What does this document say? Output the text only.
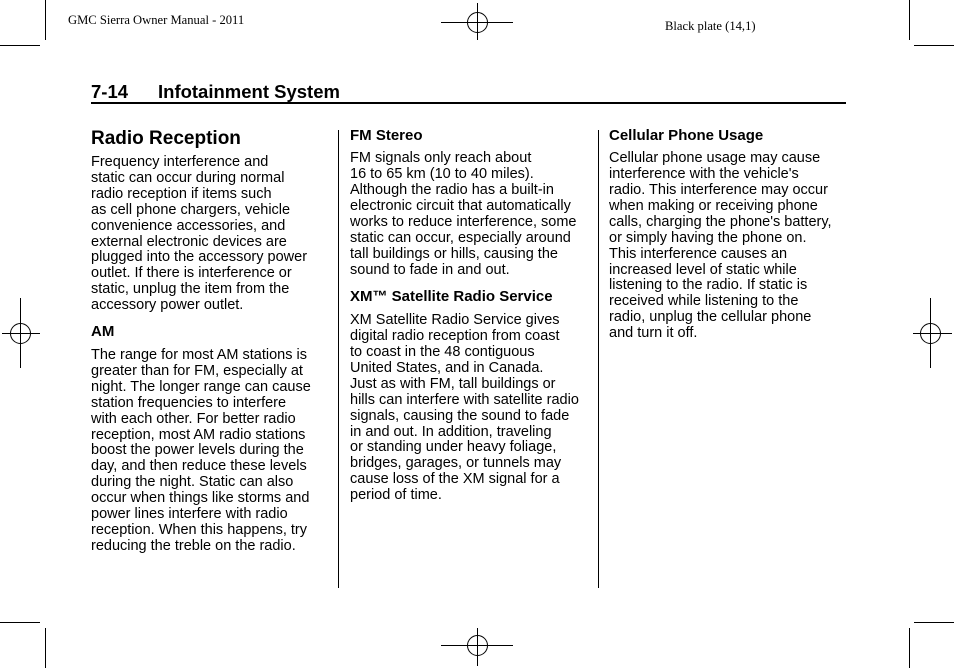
GMC Sierra Owner Manual - 2011	Black plate (14,1)
7-14 Infotainment System
Radio Reception
Frequency interference and
static can occur during normal
radio reception if items such
as cell phone chargers, vehicle
convenience accessories, and
external electronic devices are
plugged into the accessory power
outlet. If there is interference or
static, unplug the item from the
accessory power outlet.
AM
The range for most AM stations is
greater than for FM, especially at
night. The longer range can cause
station frequencies to interfere
with each other. For better radio
reception, most AM radio stations
boost the power levels during the
day, and then reduce these levels
during the night. Static can also
occur when things like storms and
power lines interfere with radio
reception. When this happens, try
reducing the treble on the radio.
FM Stereo
FM signals only reach about
16 to 65 km (10 to 40 miles).
Although the radio has a built-in
electronic circuit that automatically
works to reduce interference, some
static can occur, especially around
tall buildings or hills, causing the
sound to fade in and out.
XM™ Satellite Radio Service
XM Satellite Radio Service gives
digital radio reception from coast
to coast in the 48 contiguous
United States, and in Canada.
Just as with FM, tall buildings or
hills can interfere with satellite radio
signals, causing the sound to fade
in and out. In addition, traveling
or standing under heavy foliage,
bridges, garages, or tunnels may
cause loss of the XM signal for a
period of time.
Cellular Phone Usage
Cellular phone usage may cause
interference with the vehicle's
radio. This interference may occur
when making or receiving phone
calls, charging the phone's battery,
or simply having the phone on.
This interference causes an
increased level of static while
listening to the radio. If static is
received while listening to the
radio, unplug the cellular phone
and turn it off.
